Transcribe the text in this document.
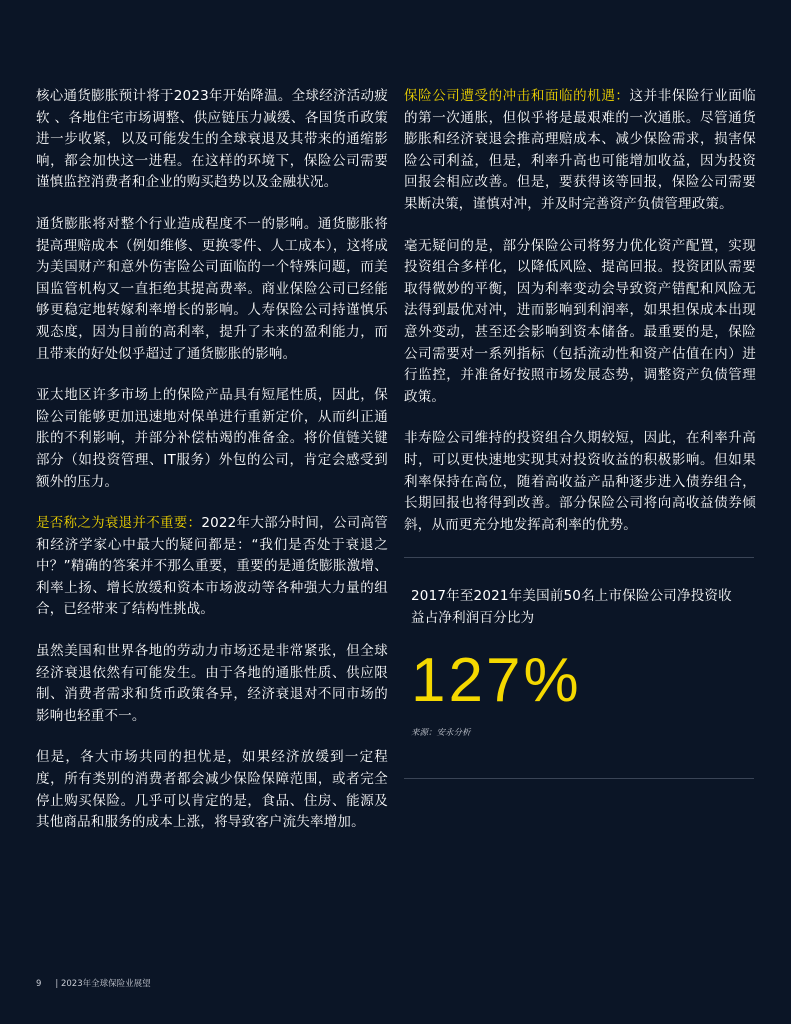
核心通货膨胀预计将于2023年开始降温。全球经济活动疲软 、各地住宅市场调整、供应链压力减缓、各国货币政策进一步收紧，以及可能发生的全球衰退及其带来的通缩影响，都会加快这一进程。在这样的环境下，保险公司需要谨慎监控消费者和企业的购买趋势以及金融状况。

通货膨胀将对整个行业造成程度不一的影响。通货膨胀将提高理赔成本（例如维修、更换零件、人工成本），这将成为美国财产和意外伤害险公司面临的一个特殊问题，而美国监管机构又一直拒绝其提高费率。商业保险公司已经能够更稳定地转嫁利率增长的影响。人寿保险公司持谨慎乐观态度，因为目前的高利率，提升了未来的盈利能力，而且带来的好处似乎超过了通货膨胀的影响。

亚太地区许多市场上的保险产品具有短尾性质，因此，保险公司能够更加迅速地对保单进行重新定价，从而纠正通胀的不利影响，并部分补偿枯竭的准备金。将价值链关键部分（如投资管理、IT服务）外包的公司，肯定会感受到额外的压力。

是否称之为衰退并不重要：2022年大部分时间，公司高管和经济学家心中最大的疑问都是：“我们是否处于衰退之中？”精确的答案并不那么重要，重要的是通货膨胀激增、利率上扬、增长放缓和资本市场波动等各种强大力量的组合，已经带来了结构性挑战。

虽然美国和世界各地的劳动力市场还是非常紧张，但全球经济衰退依然有可能发生。由于各地的通胀性质、供应限制、消费者需求和货币政策各异，经济衰退对不同市场的影响也轻重不一。

但是，各大市场共同的担忧是，如果经济放缓到一定程度，所有类别的消费者都会减少保险保障范围，或者完全停止购买保险。几乎可以肯定的是，食品、住房、能源及其他商品和服务的成本上涨，将导致客户流失率增加。

保险公司遭受的冲击和面临的机遇：这并非保险行业面临的第一次通胀，但似乎将是最艰难的一次通胀。尽管通货膨胀和经济衰退会推高理赔成本、减少保险需求，损害保险公司利益，但是，利率升高也可能增加收益，因为投资回报会相应改善。但是，要获得该等回报，保险公司需要果断决策，谨慎对冲，并及时完善资产负债管理政策。

毫无疑问的是，部分保险公司将努力优化资产配置，实现投资组合多样化，以降低风险、提高回报。投资团队需要取得微妙的平衡，因为利率变动会导致资产错配和风险无法得到最优对冲，进而影响到利润率，如果担保成本出现意外变动，甚至还会影响到资本储备。最重要的是，保险公司需要对一系列指标（包括流动性和资产估值在内）进行监控，并准备好按照市场发展态势，调整资产负债管理政策。

非寿险公司维持的投资组合久期较短，因此，在利率升高时，可以更快速地实现其对投资收益的积极影响。但如果利率保持在高位，随着高收益产品种逐步进入债券组合，长期回报也将得到改善。部分保险公司将向高收益债券倾斜，从而更充分地发挥高利率的优势。

2017年至2021年美国前50名上市保险公司净投资收益占净利润百分比为
127%
来源：安永分析
9 | 2023年全球保险业展望
